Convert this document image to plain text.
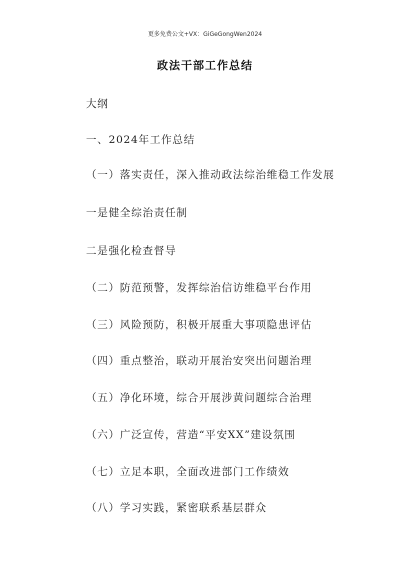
更多免费公文+VX：GiGeGongWen2024
政法干部工作总结
大纲
一、2024年工作总结
（一）落实责任，深入推动政法综治维稳工作发展
一是健全综治责任制
二是强化检查督导
（二）防范预警，发挥综治信访维稳平台作用
（三）风险预防，积极开展重大事项隐患评估
（四）重点整治，联动开展治安突出问题治理
（五）净化环境，综合开展涉黄问题综合治理
（六）广泛宣传，营造“平安XX”建设氛围
（七）立足本职，全面改进部门工作绩效
（八）学习实践，紧密联系基层群众
